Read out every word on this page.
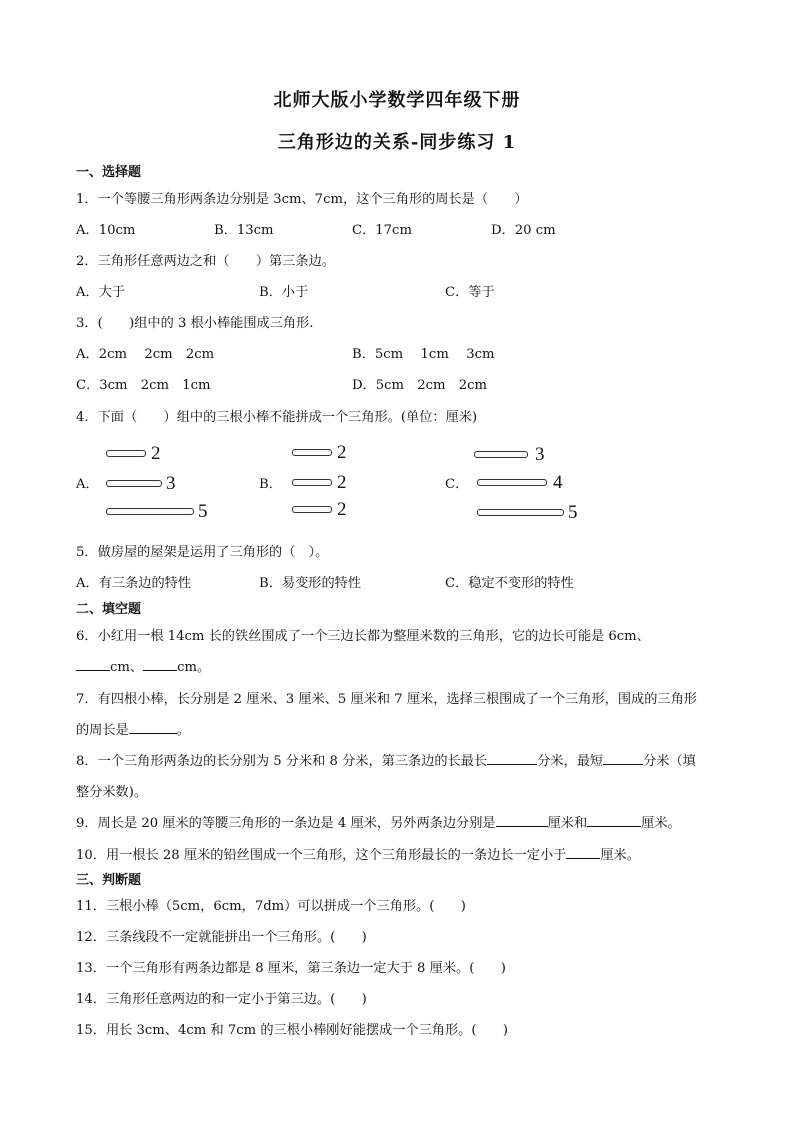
北师大版小学数学四年级下册
三角形边的关系-同步练习 1
一、选择题
1．一个等腰三角形两条边分别是 3cm、7cm，这个三角形的周长是（　　）
A．10cm	B．13cm	C．17cm	D．20 cm
2．三角形任意两边之和（　　）第三条边。
A．大于	B．小于	C．等于
3．(　　)组中的 3 根小棒能围成三角形.
A．2cm　 2cm　2cm	B．5cm　 1cm　 3cm
C．3cm　2cm　1cm	D．5cm　2cm　2cm
4．下面（　　）组中的三根小棒不能拼成一个三角形。(单位：厘米)
A．
2
3
5
B．
2
2
2
C．
3
4
5
5．做房屋的屋架是运用了三角形的（　）。
A．有三条边的特性	B．易变形的特性	C．稳定不变形的特性
二、填空题
6．小红用一根 14cm 长的铁丝围成了一个三边长都为整厘米数的三角形，它的边长可能是 6cm、
cm、	cm。
7．有四根小棒，长分别是 2 厘米、3 厘米、5 厘米和 7 厘米，选择三根围成了一个三角形，围成的三角形
的周长是	。
8．一个三角形两条边的长分别为 5 分米和 8 分米，第三条边的长最长	分米，最短	分米（填
整分米数)。
9．周长是 20 厘米的等腰三角形的一条边是 4 厘米，另外两条边分别是	厘米和	厘米。
10．用一根长 28 厘米的铅丝围成一个三角形，这个三角形最长的一条边长一定小于	厘米。
三、判断题
11．三根小棒（5cm，6cm，7dm）可以拼成一个三角形。(　　)
12．三条线段不一定就能拼出一个三角形。(　　)
13．一个三角形有两条边都是 8 厘米，第三条边一定大于 8 厘米。(　　)
14．三角形任意两边的和一定小于第三边。(　　)
15．用长 3cm、4cm 和 7cm 的三根小棒刚好能摆成一个三角形。(　　)
